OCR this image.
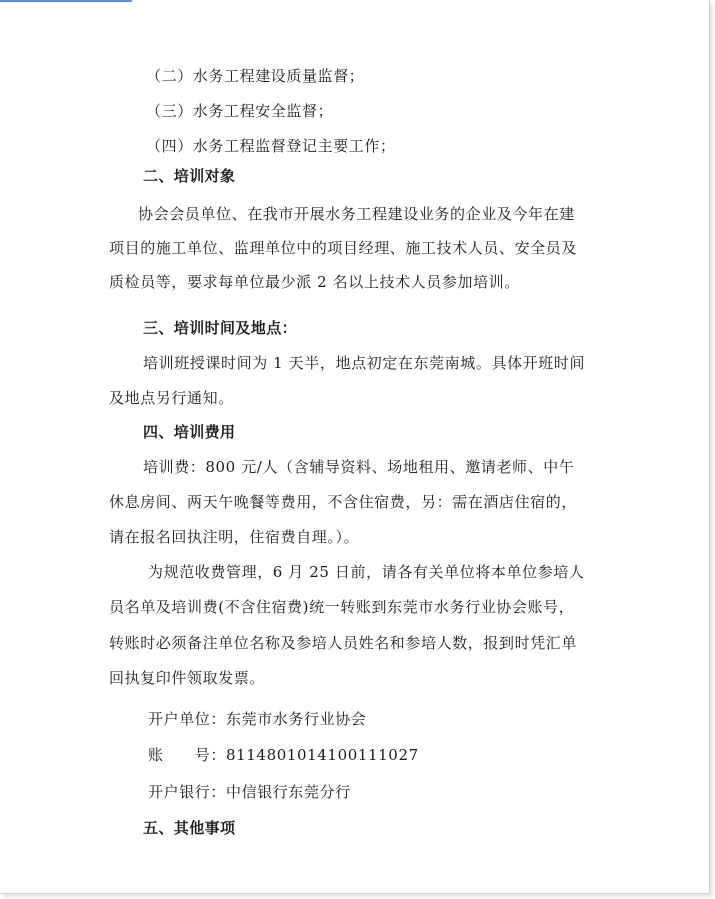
（二）水务工程建设质量监督；
（三）水务工程安全监督；
（四）水务工程监督登记主要工作；
二、培训对象
协会会员单位、在我市开展水务工程建设业务的企业及今年在建
项目的施工单位、监理单位中的项目经理、施工技术人员、安全员及
质检员等，要求每单位最少派 2 名以上技术人员参加培训。
三、培训时间及地点：
培训班授课时间为 1 天半，地点初定在东莞南城。具体开班时间
及地点另行通知。
四、培训费用
培训费：800 元/人（含辅导资料、场地租用、邀请老师、中午
休息房间、两天午晚餐等费用，不含住宿费，另：需在酒店住宿的，
请在报名回执注明，住宿费自理。）。
为规范收费管理，6 月 25 日前，请各有关单位将本单位参培人
员名单及培训费(不含住宿费)统一转账到东莞市水务行业协会账号，
转账时必须备注单位名称及参培人员姓名和参培人数，报到时凭汇单
回执复印件领取发票。
开户单位：东莞市水务行业协会
账　　号：8114801014100111027
开户银行：中信银行东莞分行
五、其他事项
